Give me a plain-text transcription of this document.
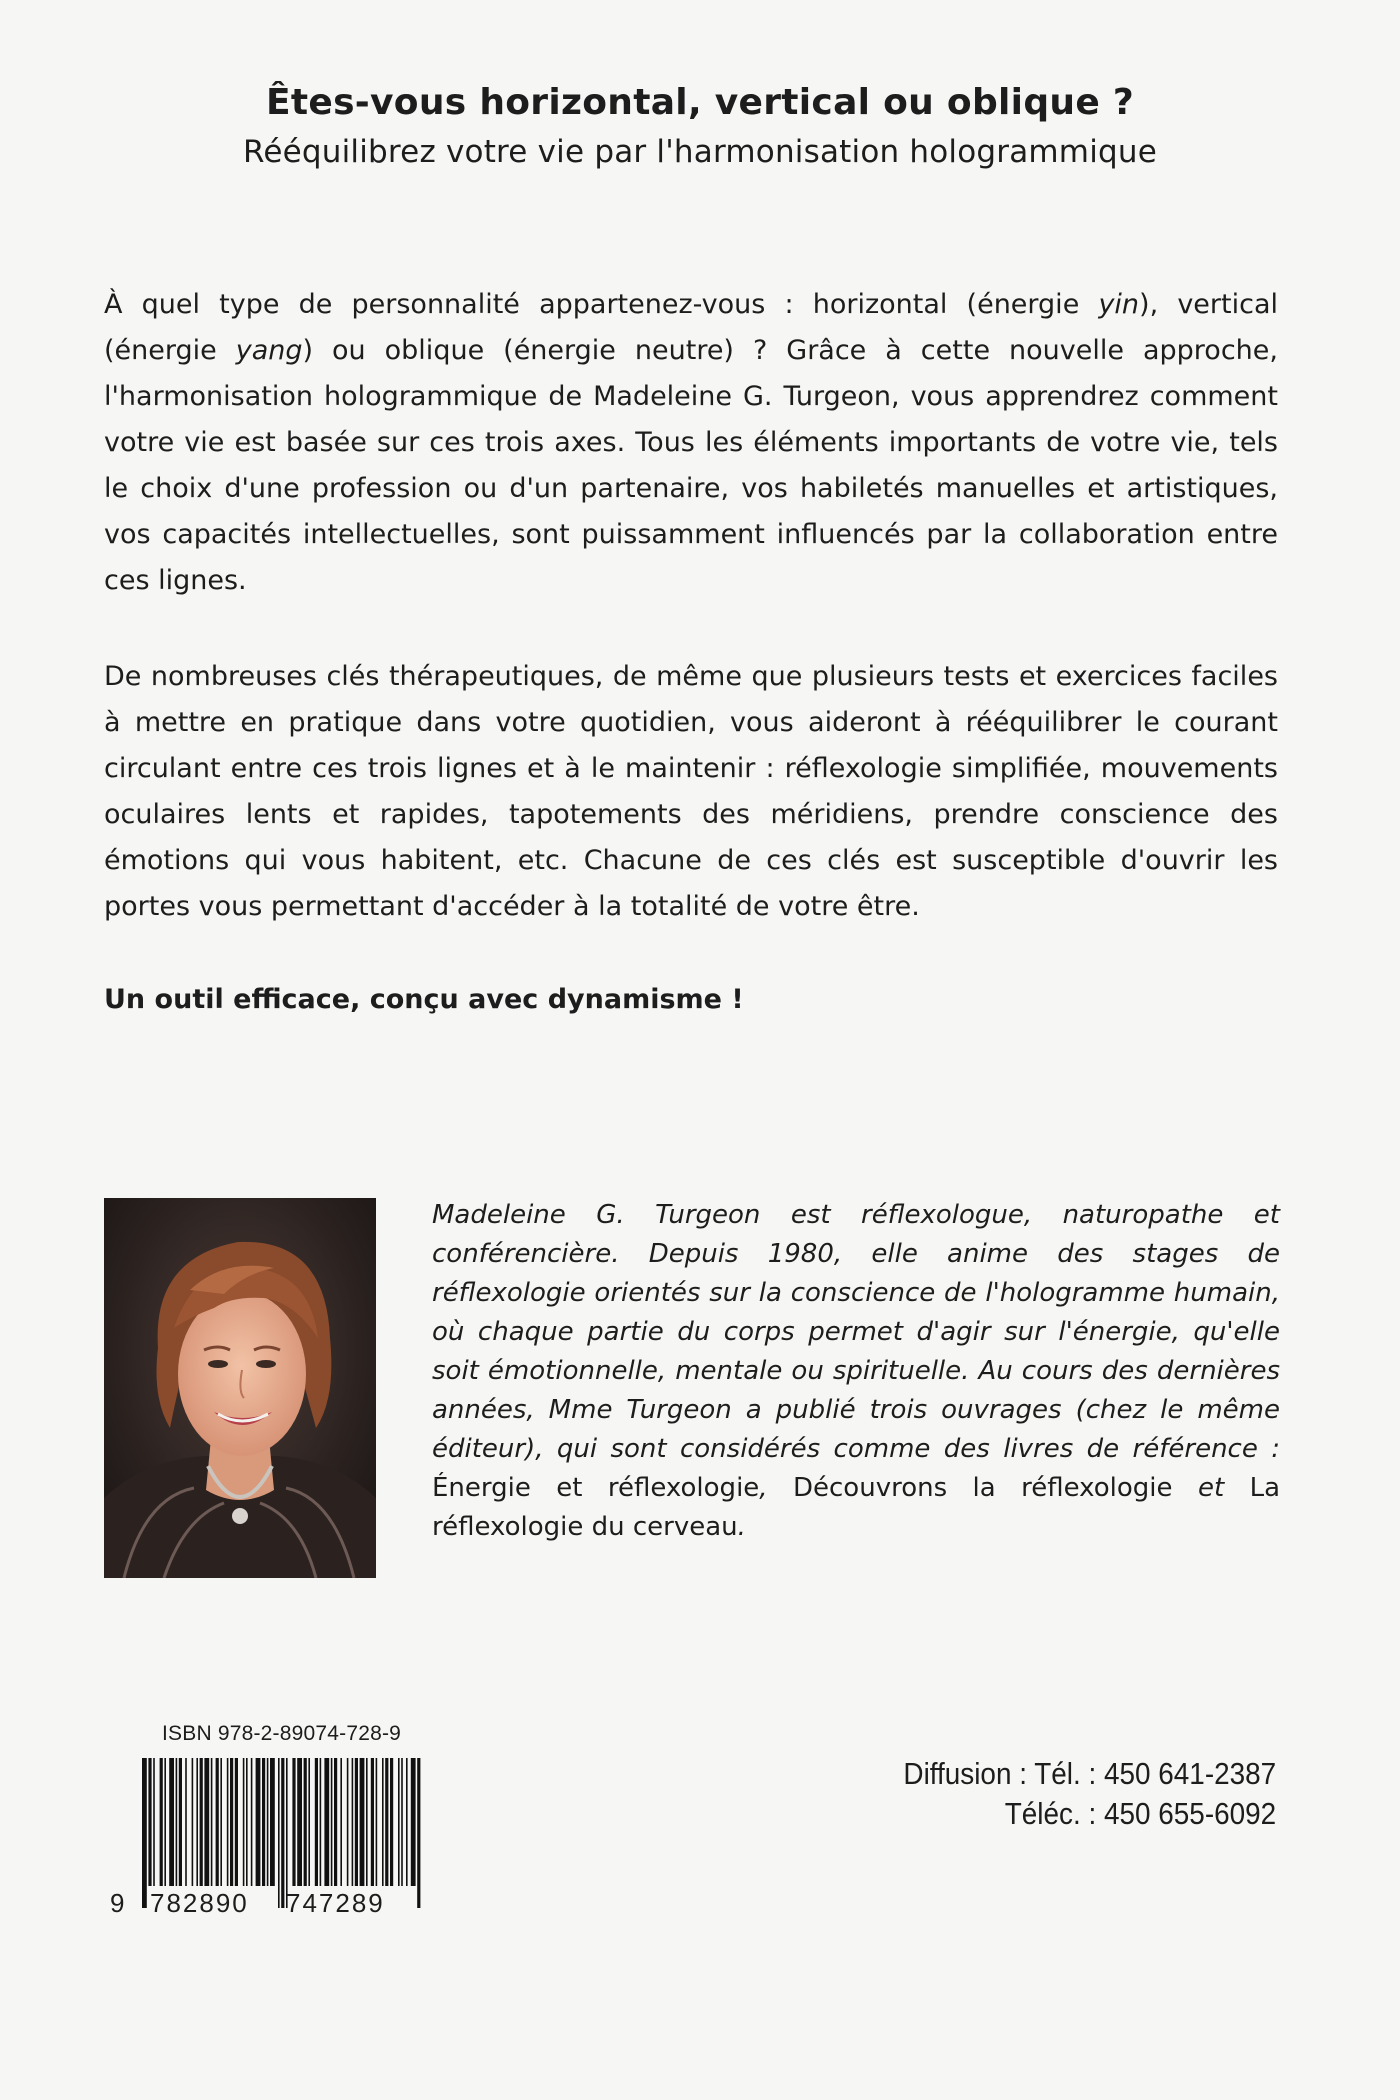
Êtes-vous horizontal, vertical ou oblique ?
Rééquilibrez votre vie par l'harmonisation hologrammique

À quel type de personnalité appartenez-vous : horizontal (énergie yin), vertical (énergie yang) ou oblique (énergie neutre) ? Grâce à cette nouvelle approche, l'harmonisation hologrammique de Madeleine G. Turgeon, vous apprendrez comment votre vie est basée sur ces trois axes. Tous les éléments importants de votre vie, tels le choix d'une profession ou d'un partenaire, vos habiletés manuelles et artistiques, vos capacités intellectuelles, sont puissamment influencés par la collaboration entre ces lignes.

De nombreuses clés thérapeutiques, de même que plusieurs tests et exercices faciles à mettre en pratique dans votre quotidien, vous aideront à rééquilibrer le courant circulant entre ces trois lignes et à le maintenir : réflexologie simplifiée, mouvements oculaires lents et rapides, tapotements des méridiens, prendre conscience des émotions qui vous habitent, etc. Chacune de ces clés est susceptible d'ouvrir les portes vous permettant d'accéder à la totalité de votre être.

Un outil efficace, conçu avec dynamisme !

Madeleine G. Turgeon est réflexologue, naturopathe et conférencière. Depuis 1980, elle anime des stages de réflexologie orientés sur la conscience de l'hologramme humain, où chaque partie du corps permet d'agir sur l'énergie, qu'elle soit émotionnelle, mentale ou spirituelle. Au cours des dernières années, Mme Turgeon a publié trois ouvrages (chez le même éditeur), qui sont considérés comme des livres de référence : Énergie et réflexologie, Découvrons la réflexologie et La réflexologie du cerveau.

ISBN 978-2-89074-728-9
9 782890 747289
Diffusion : Tél. : 450 641-2387
Téléc. : 450 655-6092
